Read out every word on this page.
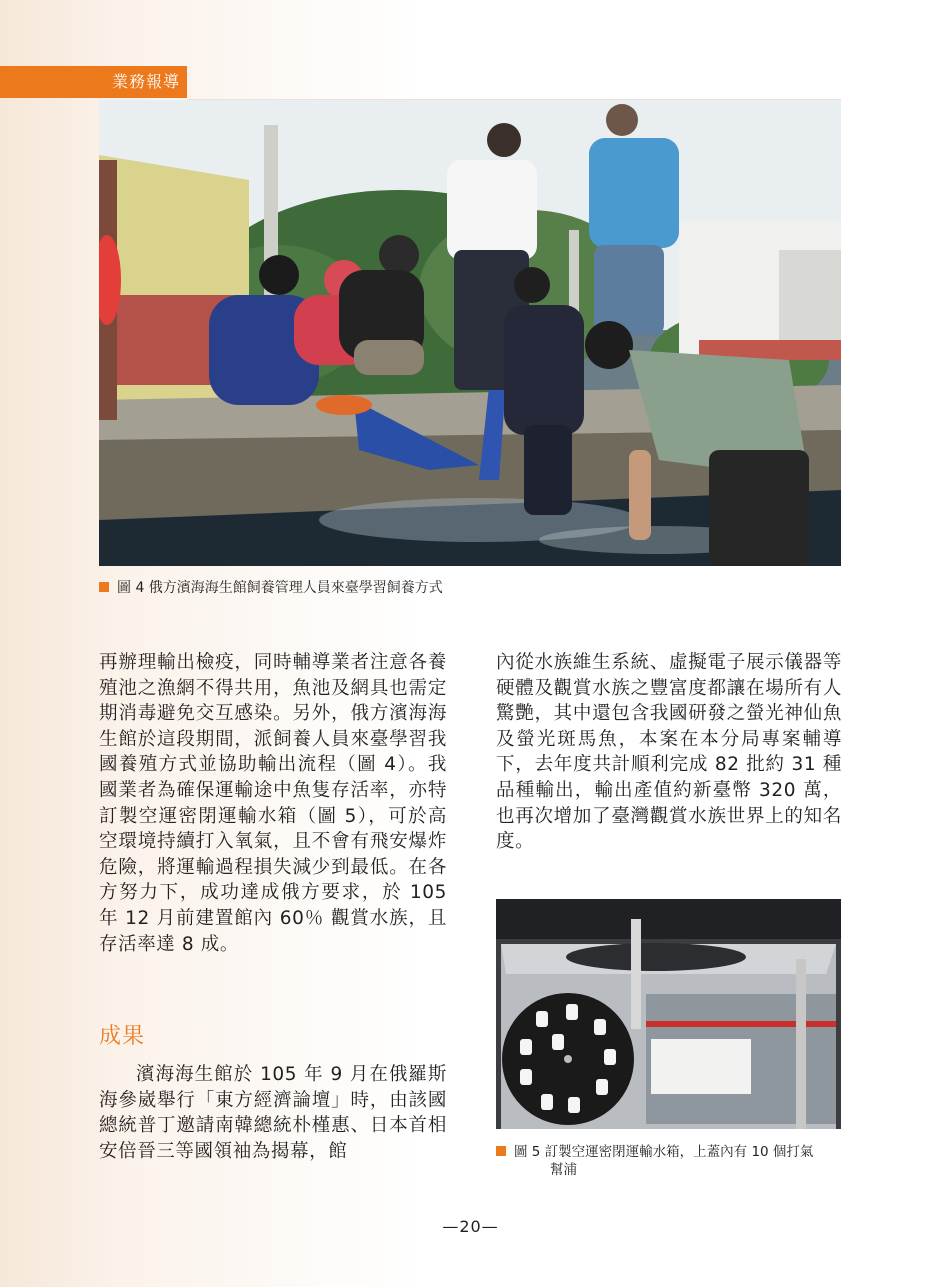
業務報導
圖 4 俄方濱海海生館飼養管理人員來臺學習飼養方式

再辦理輸出檢疫，同時輔導業者注意各養殖池之漁網不得共用，魚池及網具也需定期消毒避免交互感染。另外，俄方濱海海生館於這段期間，派飼養人員來臺學習我國養殖方式並協助輸出流程（圖 4）。我國業者為確保運輸途中魚隻存活率，亦特訂製空運密閉運輸水箱（圖 5），可於高空環境持續打入氧氣，且不會有飛安爆炸危險，將運輸過程損失減少到最低。在各方努力下，成功達成俄方要求，於 105 年 12 月前建置館內 60％ 觀賞水族，且存活率達 8 成。

內從水族維生系統、虛擬電子展示儀器等硬體及觀賞水族之豐富度都讓在場所有人驚艷，其中還包含我國研發之螢光神仙魚及螢光斑馬魚，本案在本分局專案輔導下，去年度共計順利完成 82 批約 31 種品種輸出，輸出產值約新臺幣 320 萬，也再次增加了臺灣觀賞水族世界上的知名度。

成果

濱海海生館於 105 年 9 月在俄羅斯海參崴舉行「東方經濟論壇」時，由該國總統普丁邀請南韓總統朴槿惠、日本首相安倍晉三等國領袖為揭幕，館	圖 5 訂製空運密閉運輸水箱，上蓋內有 10 個打氣
幫浦
—20—
